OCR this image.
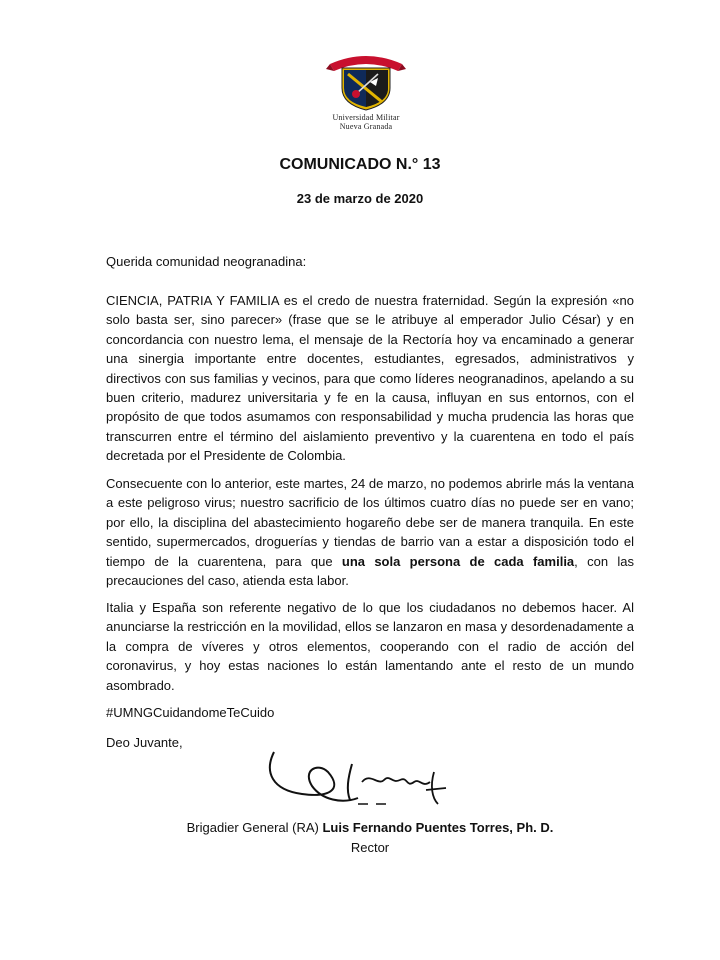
Universidad Militar
Nueva Granada
COMUNICADO N.° 13
23 de marzo de 2020
Querida comunidad neogranadina:

CIENCIA, PATRIA Y FAMILIA es el credo de nuestra fraternidad. Según la expresión «no solo basta ser, sino parecer» (frase que se le atribuye al emperador Julio César) y en concordancia con nuestro lema, el mensaje de la Rectoría hoy va encaminado a generar una sinergia importante entre docentes, estudiantes, egresados, administrativos y directivos con sus familias y vecinos, para que como líderes neogranadinos, apelando a su buen criterio, madurez universitaria y fe en la causa, influyan en sus entornos, con el propósito de que todos asumamos con responsabilidad y mucha prudencia las horas que transcurren entre el término del aislamiento preventivo y la cuarentena en todo el país decretada por el Presidente de Colombia.

Consecuente con lo anterior, este martes, 24 de marzo, no podemos abrirle más la ventana a este peligroso virus; nuestro sacrificio de los últimos cuatro días no puede ser en vano; por ello, la disciplina del abastecimiento hogareño debe ser de manera tranquila. En este sentido, supermercados, droguerías y tiendas de barrio van a estar a disposición todo el tiempo de la cuarentena, para que una sola persona de cada familia, con las precauciones del caso, atienda esta labor.

Italia y España son referente negativo de lo que los ciudadanos no debemos hacer. Al anunciarse la restricción en la movilidad, ellos se lanzaron en masa y desordenadamente a la compra de víveres y otros elementos, cooperando con el radio de acción del coronavirus, y hoy estas naciones lo están lamentando ante el resto de un mundo asombrado.

#UMNGCuidandomeTeCuido
Deo Juvante,
Brigadier General (RA) Luis Fernando Puentes Torres, Ph. D.
Rector
